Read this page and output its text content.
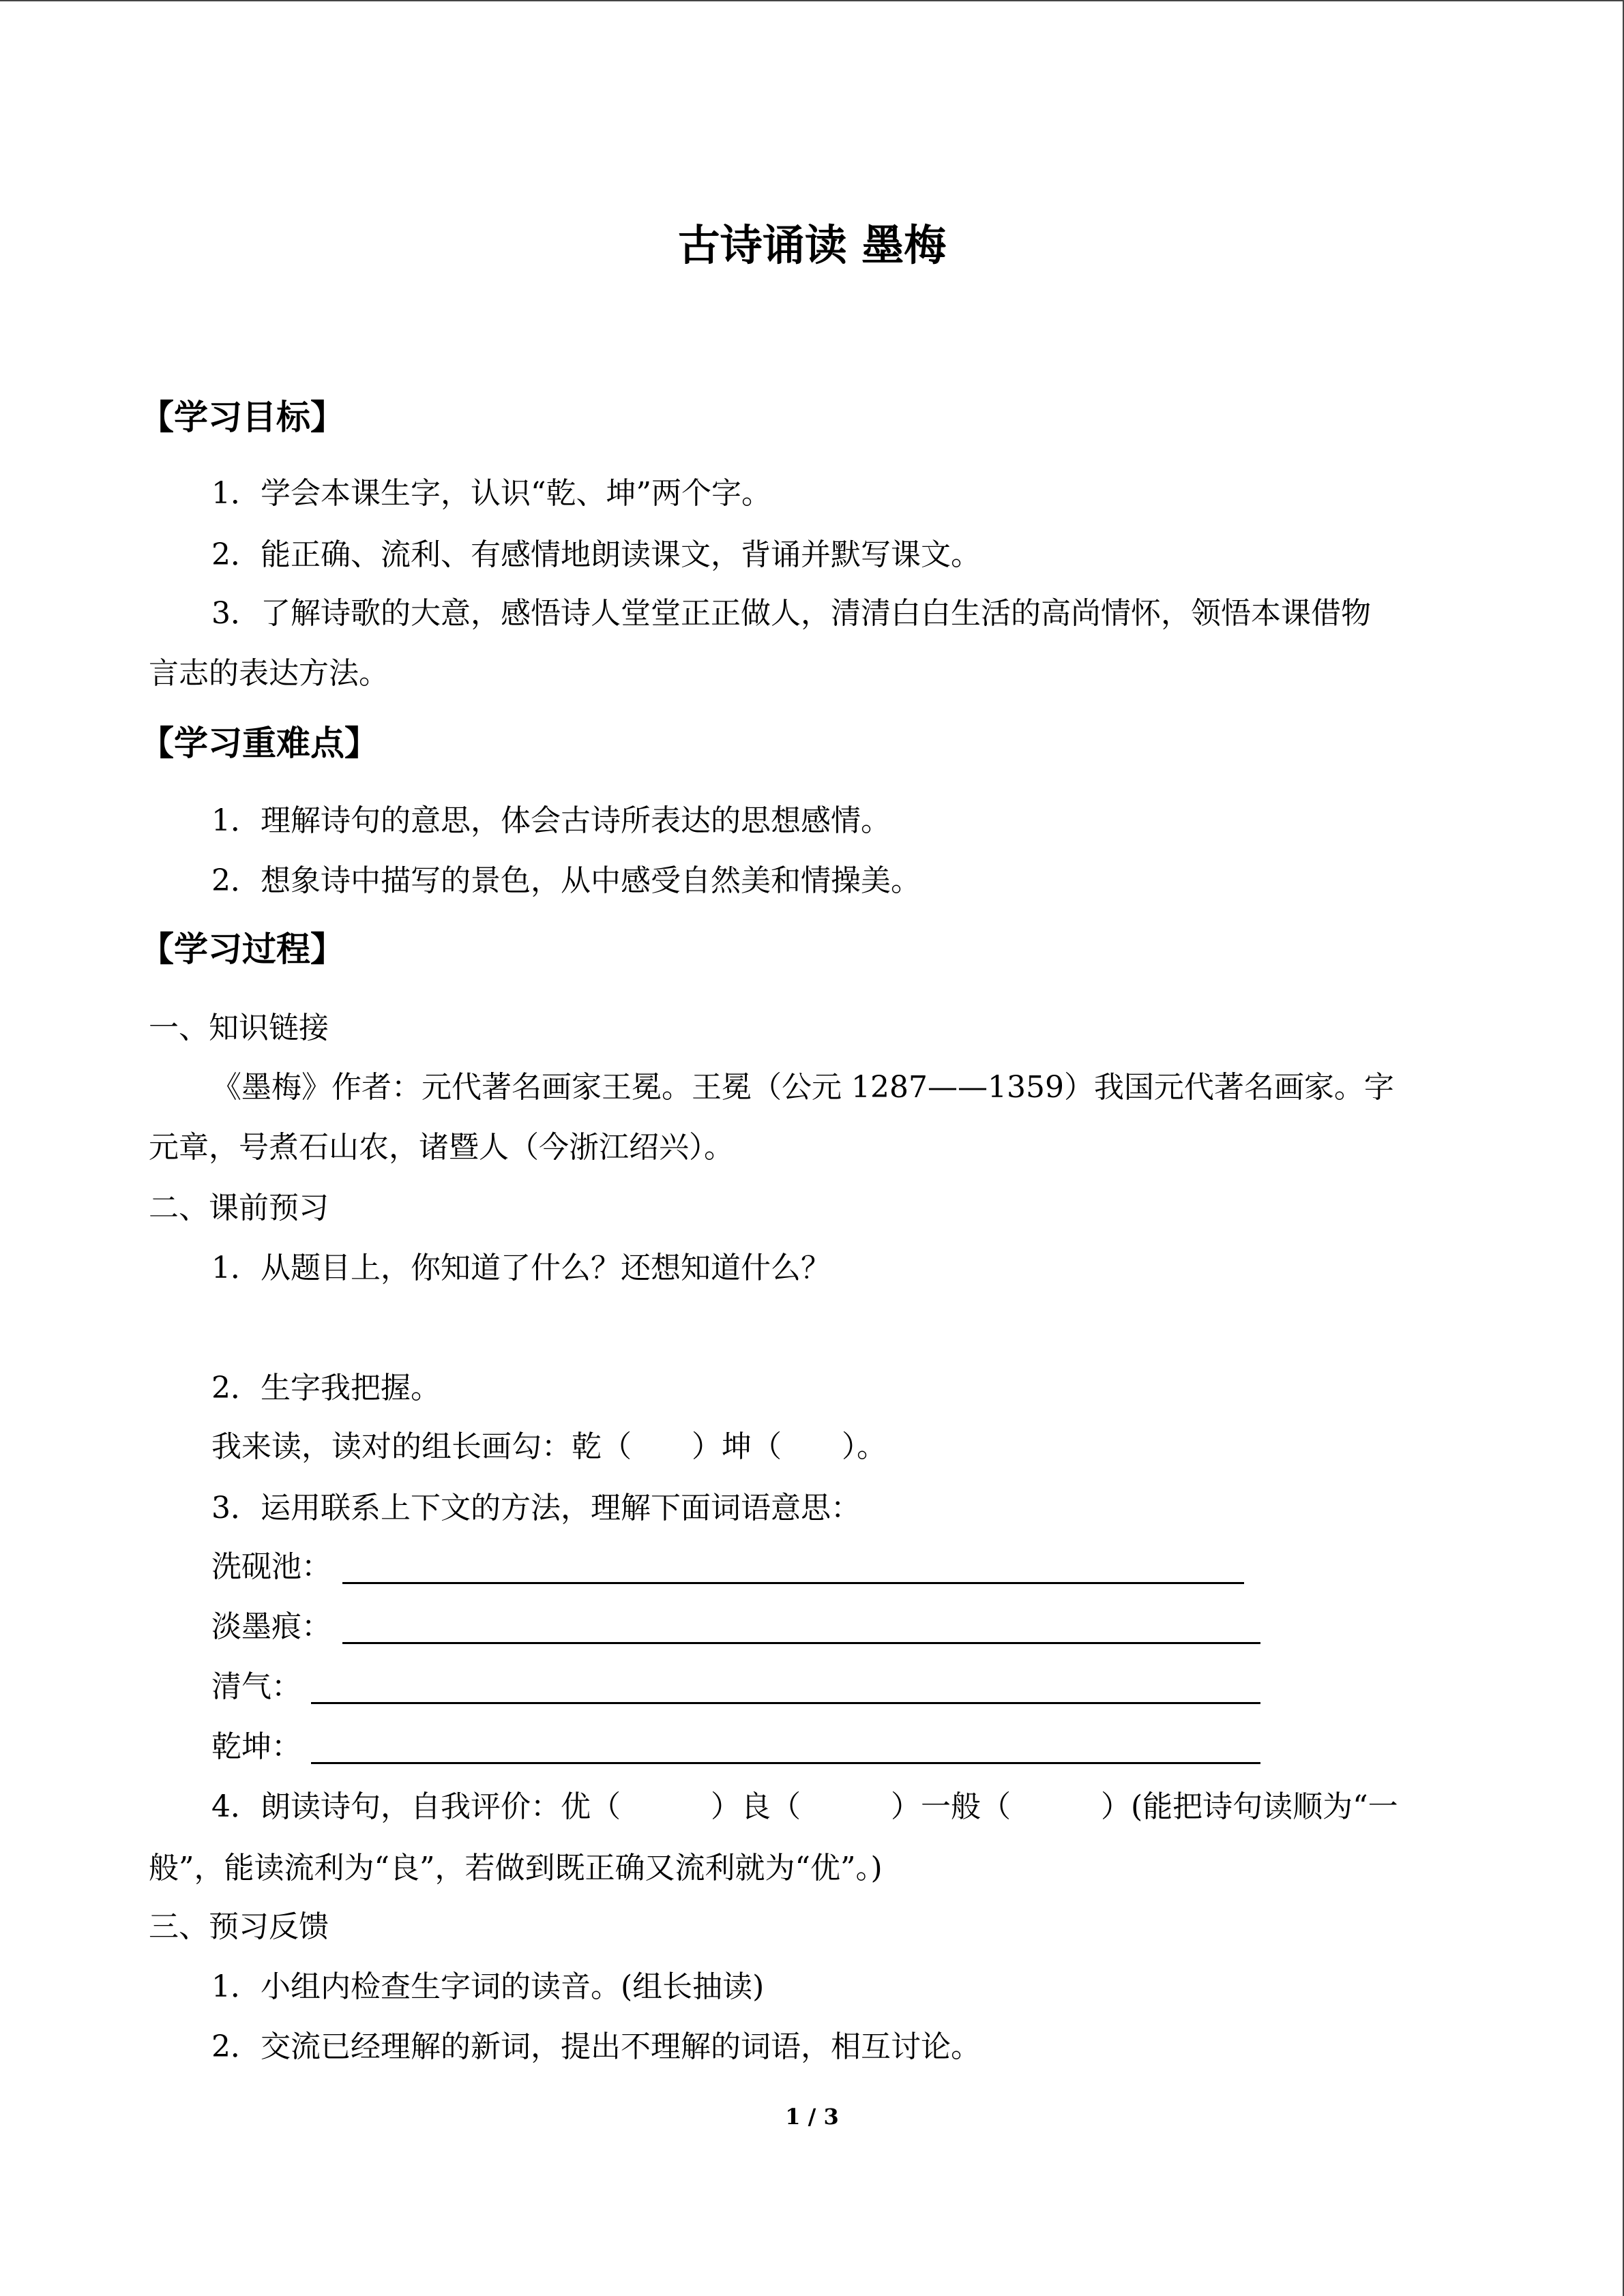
古诗诵读 墨梅
【学习目标】
1．学会本课生字，认识“乾、坤”两个字。
2．能正确、流利、有感情地朗读课文，背诵并默写课文。
3．了解诗歌的大意，感悟诗人堂堂正正做人，清清白白生活的高尚情怀，领悟本课借物
言志的表达方法。
【学习重难点】
1．理解诗句的意思，体会古诗所表达的思想感情。
2．想象诗中描写的景色，从中感受自然美和情操美。
【学习过程】
一、知识链接
《墨梅》作者：元代著名画家王冕。王冕（公元 1287——1359）我国元代著名画家。字
元章，号煮石山农，诸暨人（今浙江绍兴）。
二、课前预习
1．从题目上，你知道了什么？还想知道什么？
2．生字我把握。
我来读，读对的组长画勾：乾（　　）坤（　　）。
3．运用联系上下文的方法，理解下面词语意思：
洗砚池：
淡墨痕：
清气：
乾坤：
4．朗读诗句，自我评价：优（　　　）良（　　　）一般（　　　）(能把诗句读顺为“一
般”，能读流利为“良”，若做到既正确又流利就为“优”。)
三、预习反馈
1．小组内检查生字词的读音。(组长抽读)
2．交流已经理解的新词，提出不理解的词语，相互讨论。
1 / 3
